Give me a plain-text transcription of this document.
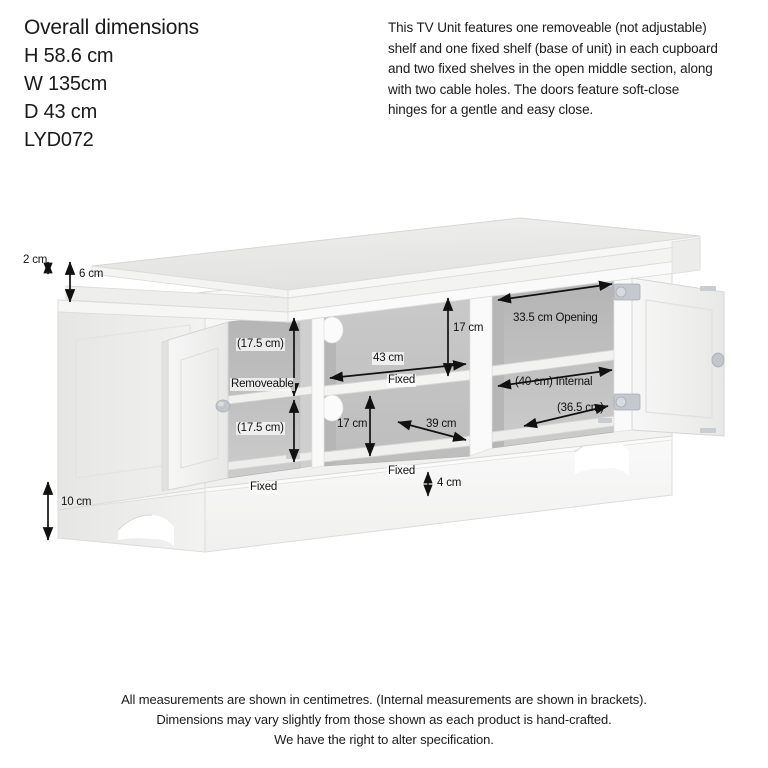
Overall dimensions
H 58.6 cm
W 135cm
D 43 cm
LYD072
This TV Unit features one removeable (not adjustable) shelf and one fixed shelf (base of unit) in each cupboard and two fixed shelves in the open middle section, along with two cable holes. The doors feature soft-close hinges for a gentle and easy close.
2 cm
6 cm
(17.5 cm)
Removeable
(17.5 cm)
Fixed
43 cm
17 cm
Fixed
17 cm	39 cm
Fixed
33.5 cm Opening
(40 cm) Internal
(36.5 cm)
10 cm
4 cm
All measurements are shown in centimetres. (Internal measurements are shown in brackets).
Dimensions may vary slightly from those shown as each product is hand-crafted.
We have the right to alter specification.
